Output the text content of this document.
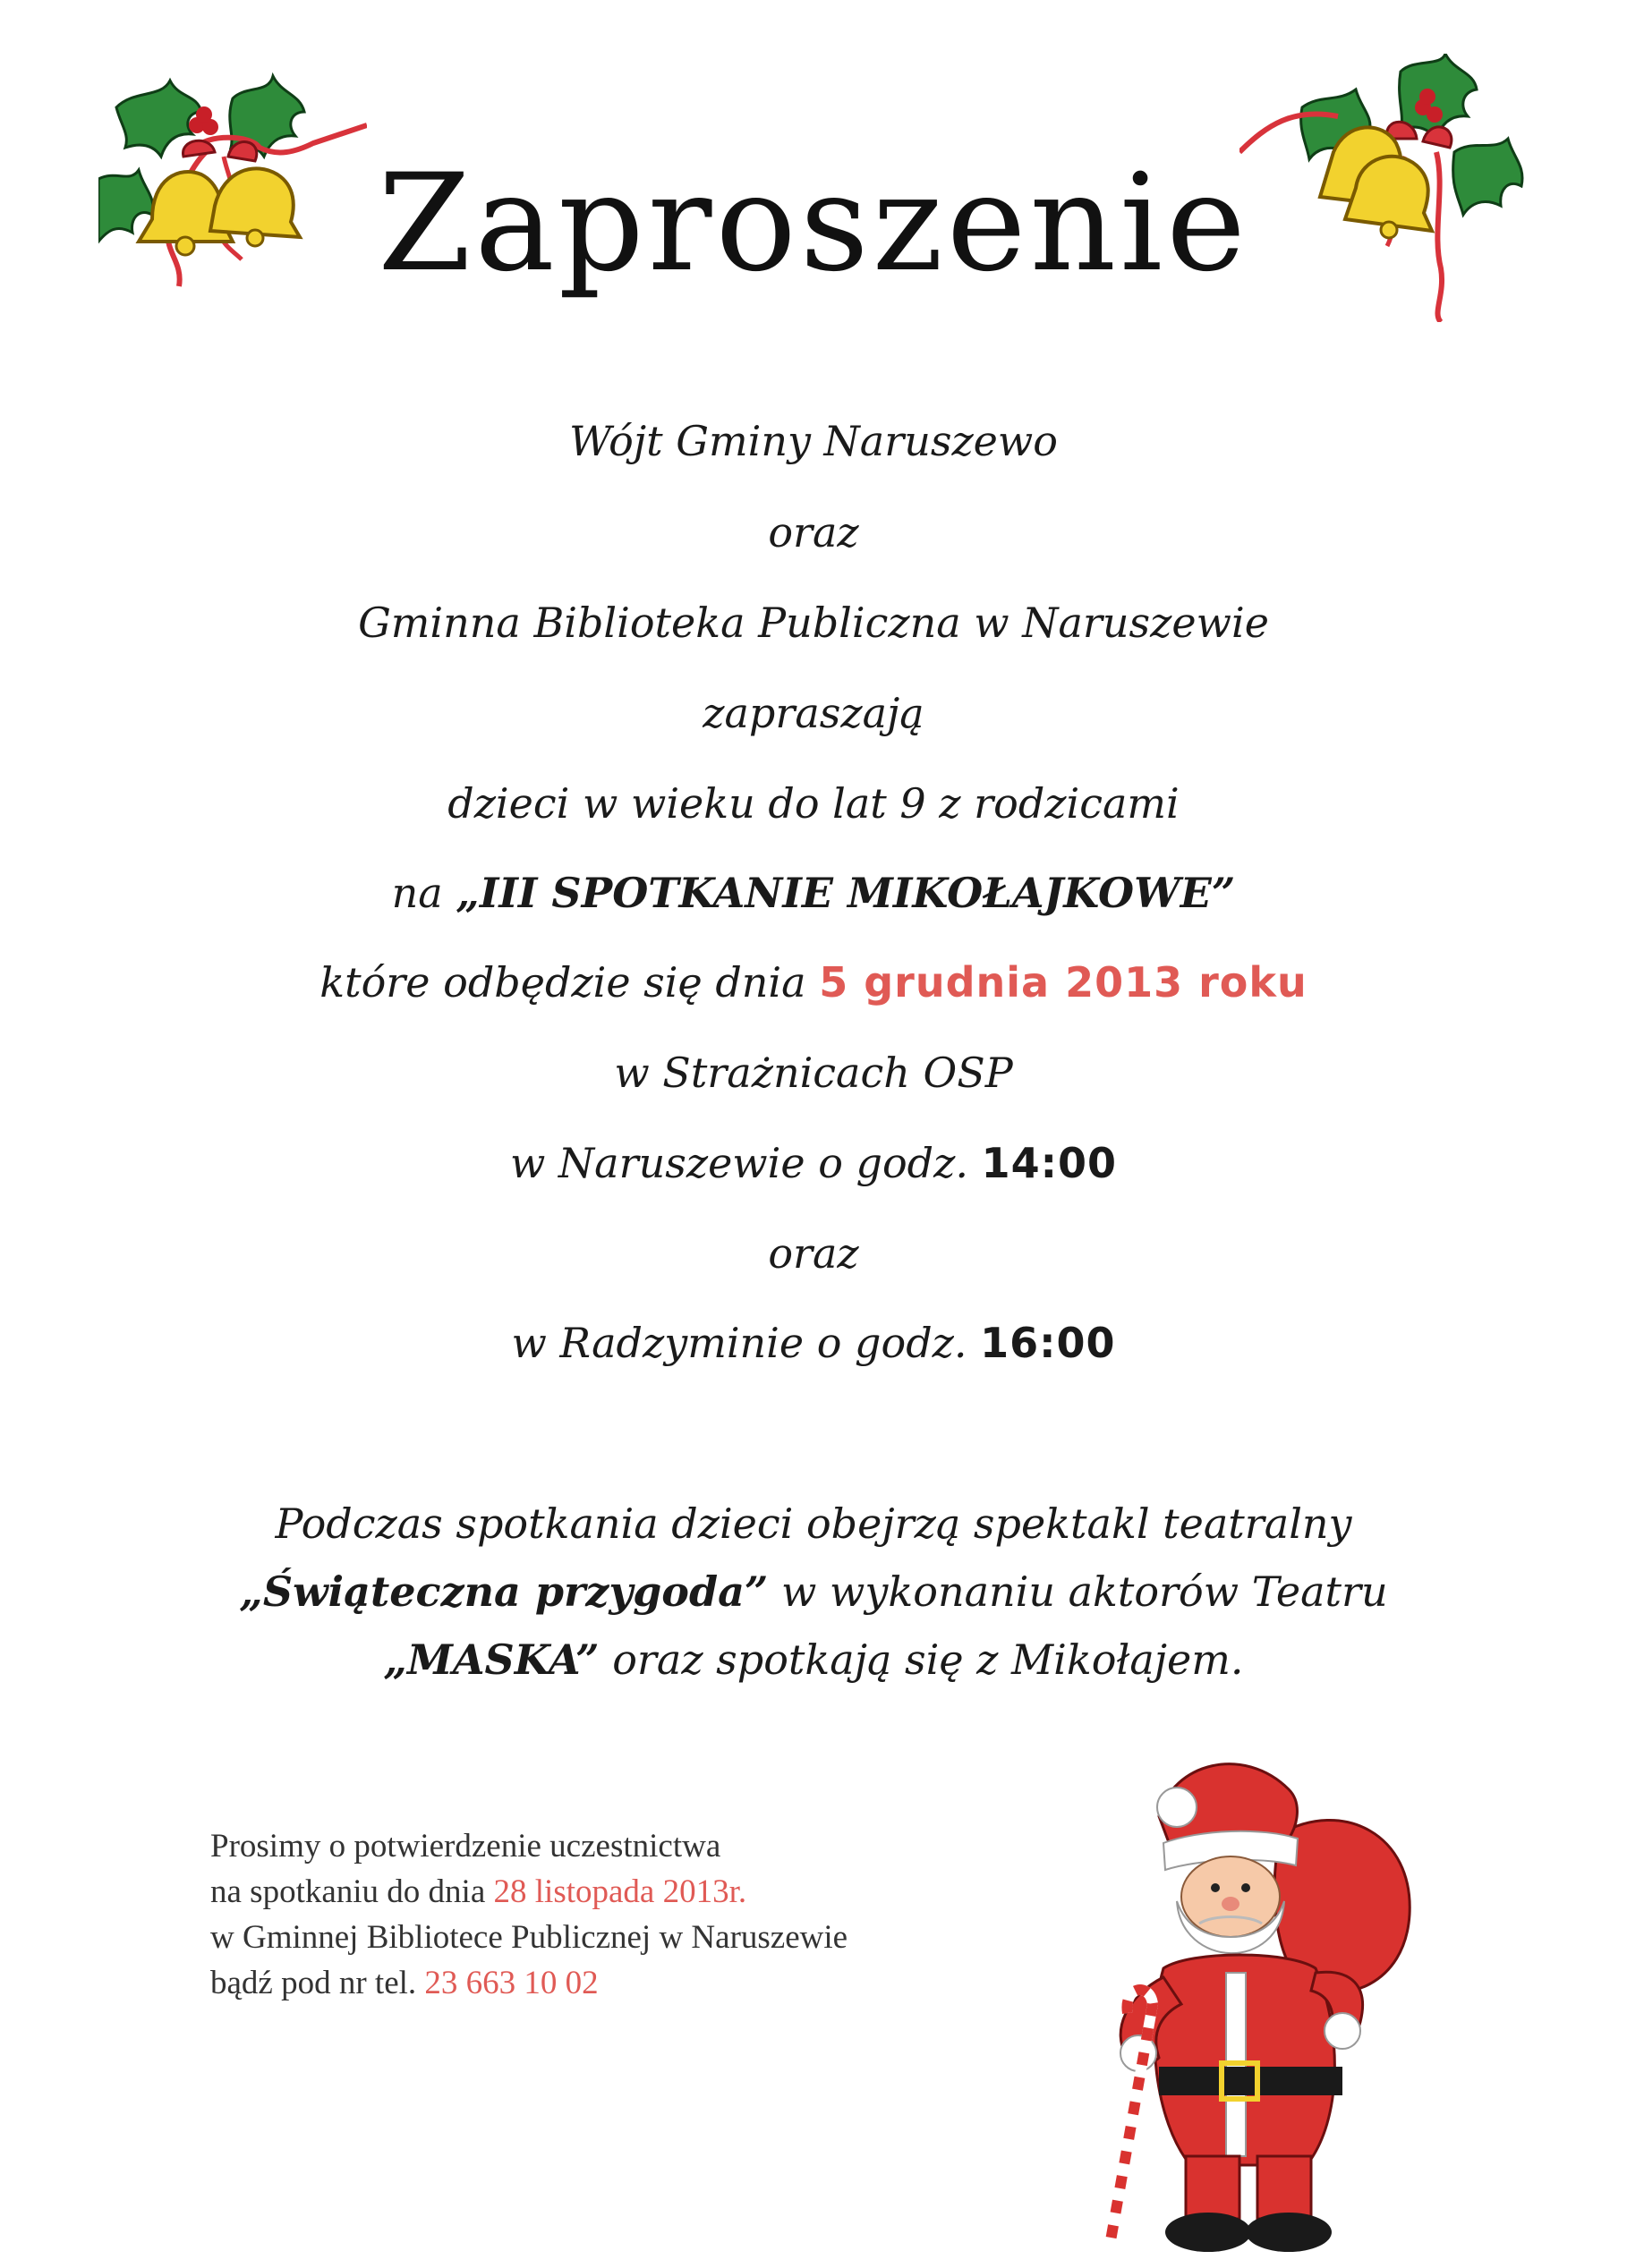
Zaproszenie
Wójt Gminy Naruszewo
oraz
Gminna Biblioteka Publiczna w Naruszewie
zapraszają
dzieci w wieku do lat 9 z rodzicami
na „III SPOTKANIE MIKOŁAJKOWE”
które odbędzie się dnia 5 grudnia 2013 roku
w Strażnicach OSP
w Naruszewie o godz. 14:00
oraz
w Radzyminie o godz. 16:00
Podczas spotkania dzieci obejrzą spektakl teatralny
„Świąteczna przygoda” w wykonaniu aktorów Teatru
„MASKA” oraz spotkają się z Mikołajem.
Prosimy o potwierdzenie uczestnictwa
na spotkaniu do dnia 28 listopada 2013r.
w Gminnej Bibliotece Publicznej w Naruszewie
bądź pod nr tel. 23 663 10 02
